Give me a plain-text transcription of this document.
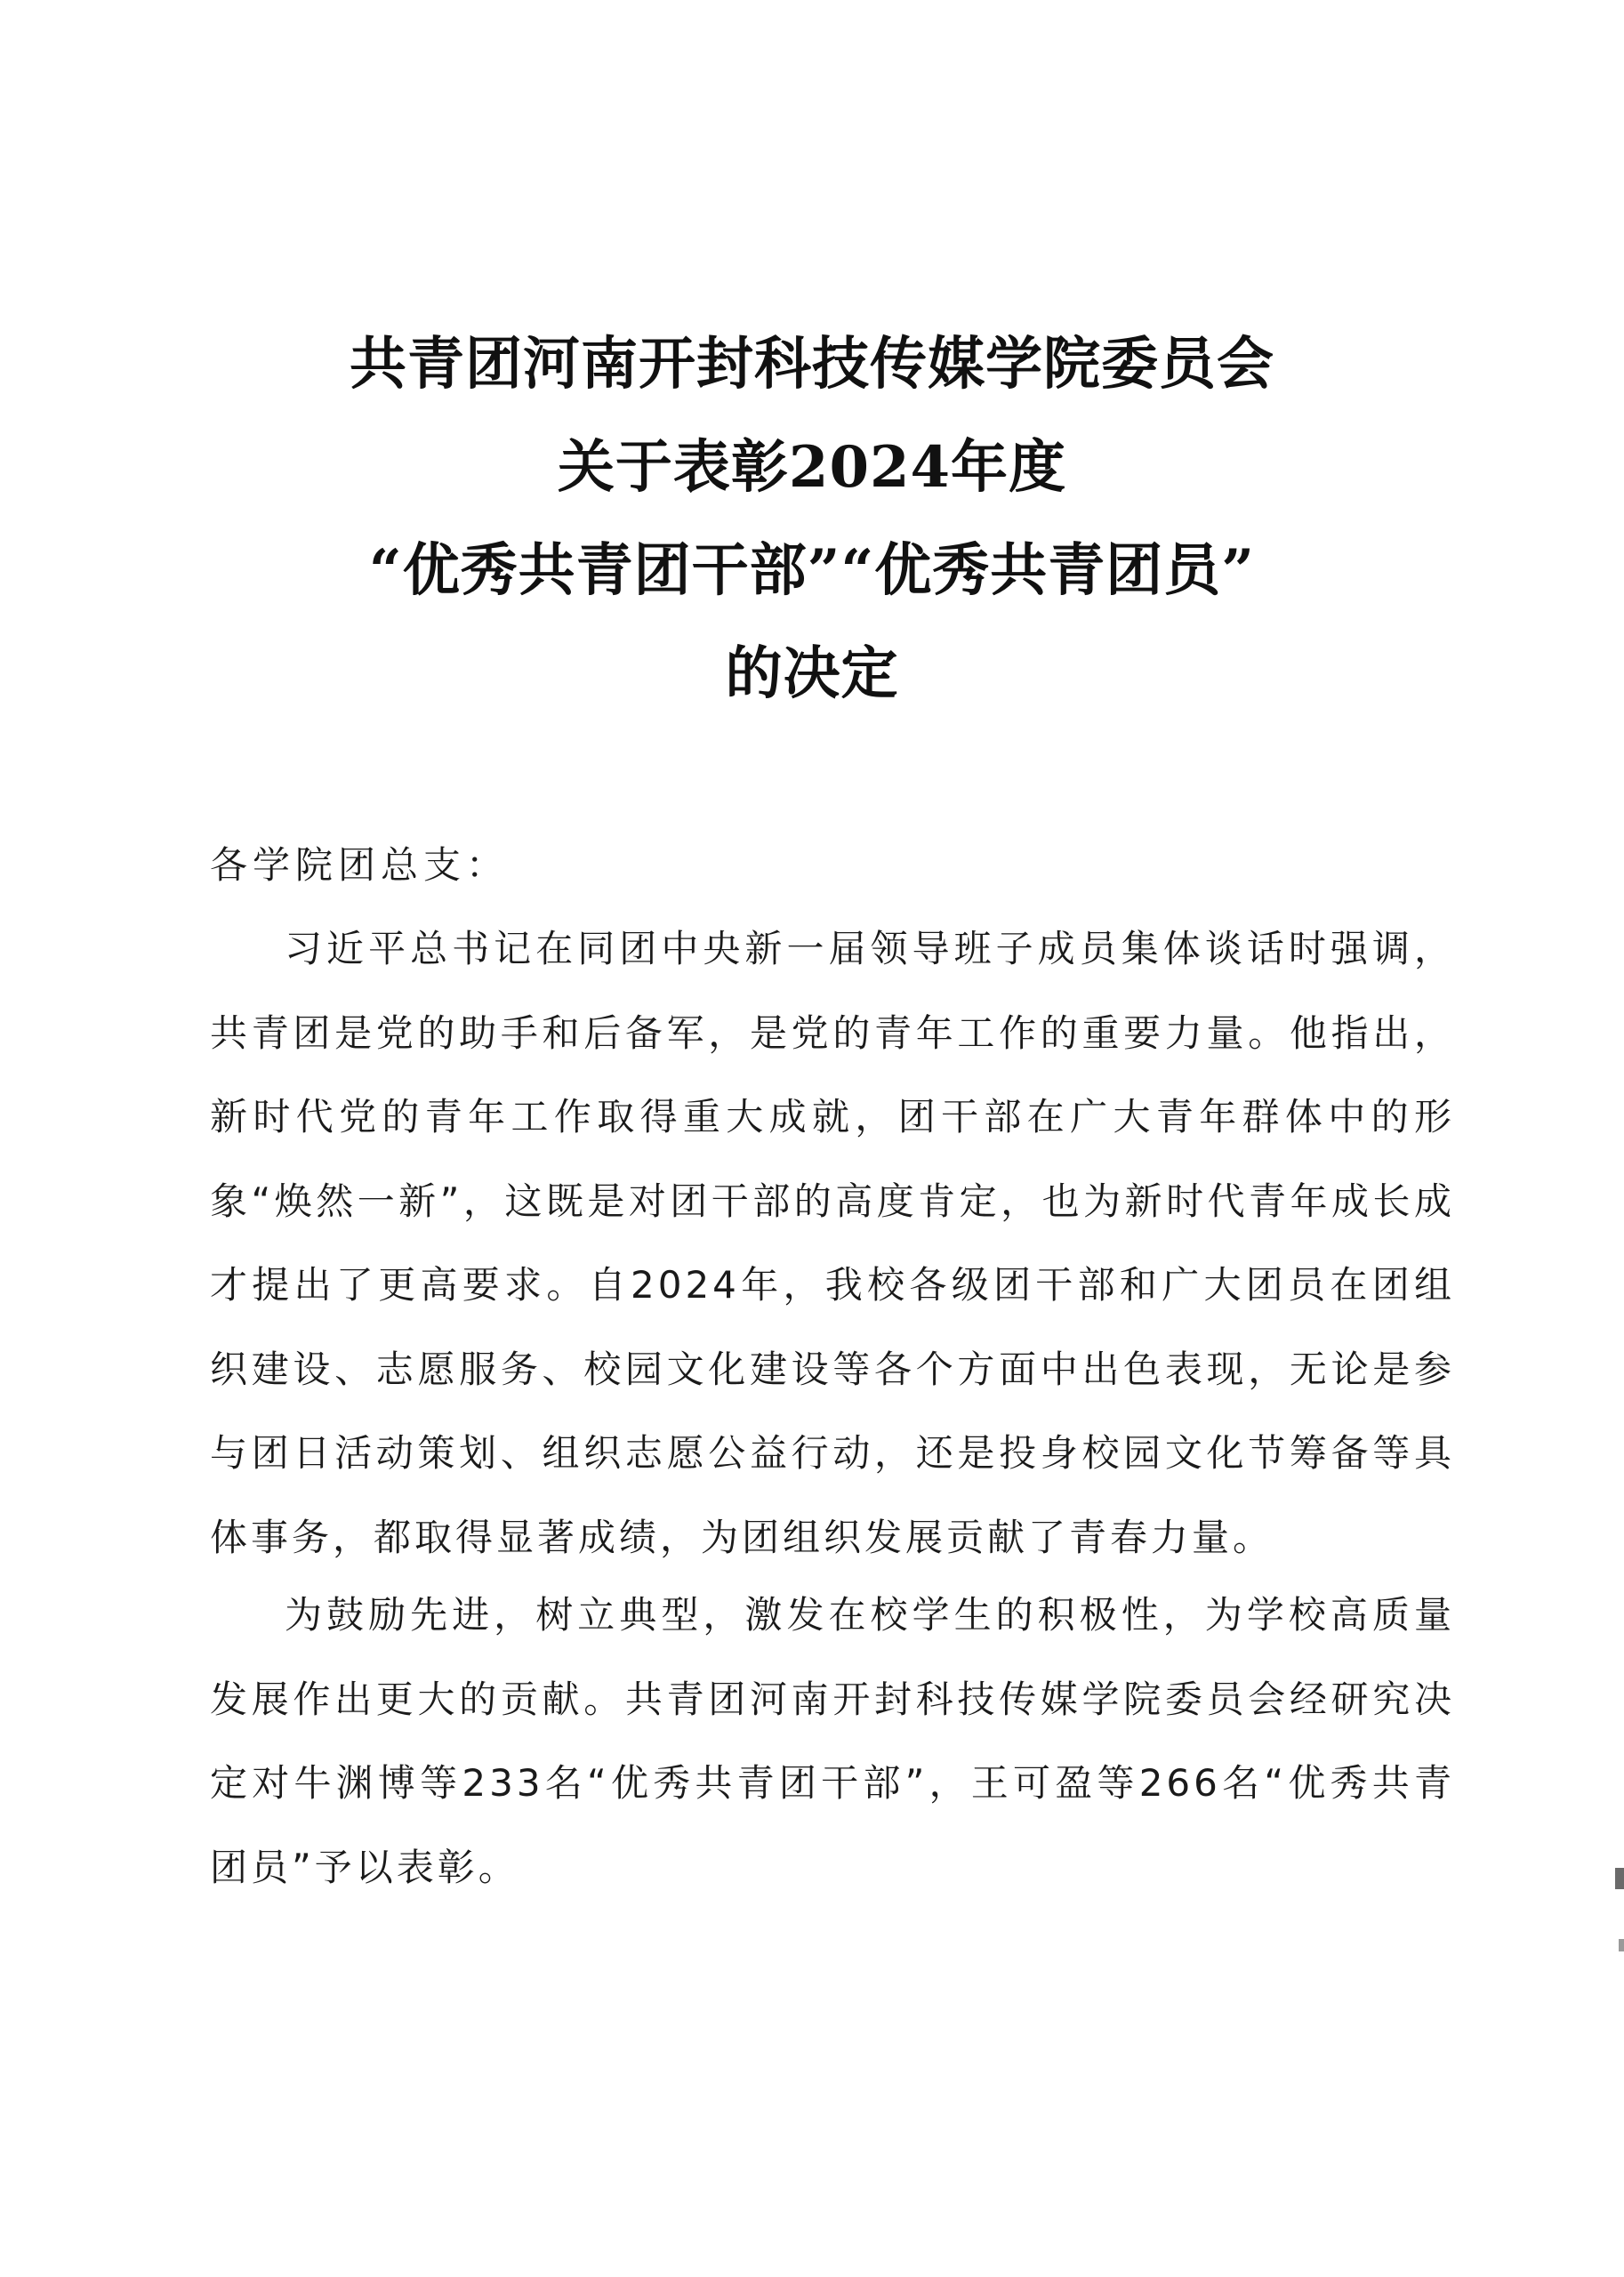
共青团河南开封科技传媒学院委员会
关于表彰2024年度
“优秀共青团干部”“优秀共青团员”
的决定
各学院团总支：

习近平总书记在同团中央新一届领导班子成员集体谈话时强调，共青团是党的助手和后备军，是党的青年工作的重要力量。他指出，新时代党的青年工作取得重大成就，团干部在广大青年群体中的形象“焕然一新”，这既是对团干部的高度肯定，也为新时代青年成长成才提出了更高要求。自2024年，我校各级团干部和广大团员在团组织建设、志愿服务、校园文化建设等各个方面中出色表现，无论是参与团日活动策划、组织志愿公益行动，还是投身校园文化节筹备等具体事务，都取得显著成绩，为团组织发展贡献了青春力量。

为鼓励先进，树立典型，激发在校学生的积极性，为学校高质量发展作出更大的贡献。共青团河南开封科技传媒学院委员会经研究决定对牛渊博等233名“优秀共青团干部”，王可盈等266名“优秀共青团员”予以表彰。
